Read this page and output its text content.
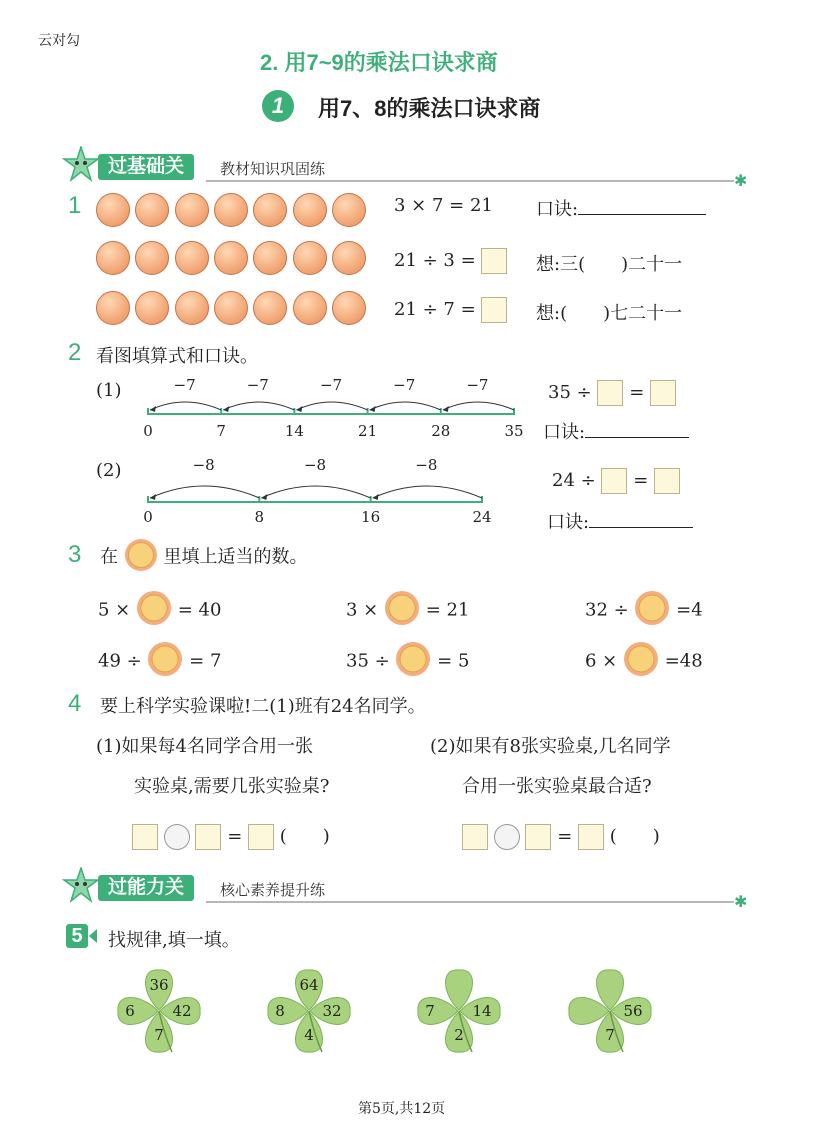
云对勾
2. 用7~9的乘法口诀求商
1	用7、8的乘法口诀求商
过基础关	教材知识巩固练
✱
1	3 × 7 = 21 口诀:
21 ÷ 3 =	想:三(　　)二十一
21 ÷ 7 =	想:(　　)七二十一
2 看图填算式和口诀。
(1)
0	7	14	21	28	35
−7
−7
−7
−7
−7	35 ÷ =
口诀:
(2)
0	8	16	24
−8
−8
−8
24 ÷ =
口诀:
3 在	里填上适当的数。
5 ×  = 40	3 ×  = 21	32 ÷  =4
49 ÷  = 7	35 ÷  = 5	6 ×  =48
4 要上科学实验课啦!二(1)班有24名同学。
(1)如果每4名同学合用一张
实验桌,需要几张实验桌?
(2)如果有8张实验桌,几名同学
合用一张实验桌最合适?
= (　　)	= (　　)
过能力关	核心素养提升练
✱
5	找规律,填一填。
36
6	42
7
64
8	32
4
7	14
2
56
7
第5页,共12页
